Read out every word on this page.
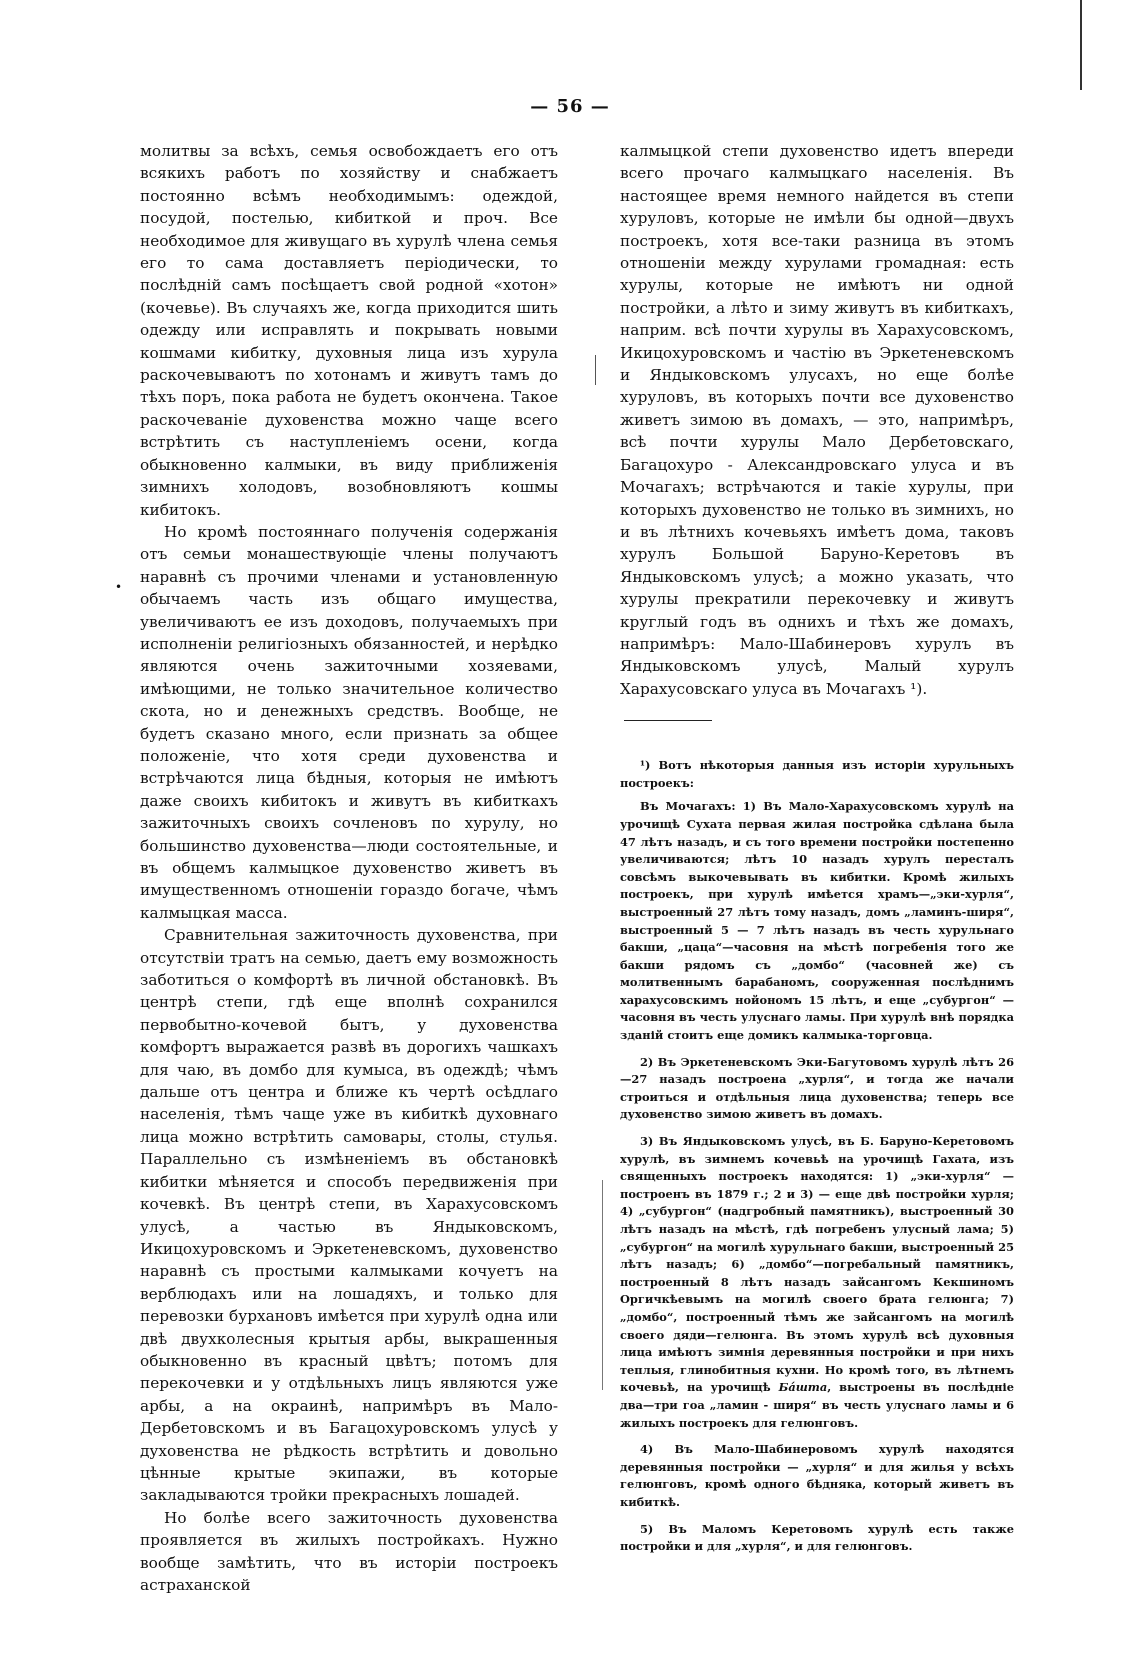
•
— 56 —

молитвы за всѣхъ, семья освобождаетъ его отъ всякихъ работъ по хозяйству и снабжаетъ постоянно всѣмъ необходимымъ: одеждой, посудой, постелью, кибиткой и проч. Все необходимое для живущаго въ хурулѣ члена семья его то сама доставляетъ періодически, то послѣдній самъ посѣщаетъ свой родной «хотон» (кочевье). Въ случаяхъ же, когда приходится шить одежду или исправлять и покрывать новыми кошмами кибитку, духовныя лица изъ хурула раскочевываютъ по хотонамъ и живутъ тамъ до тѣхъ поръ, пока работа не будетъ окончена. Такое раскочеваніе духовенства можно чаще всего встрѣтить съ наступленіемъ осени, когда обыкновенно калмыки, въ виду приближенія зимнихъ холодовъ, возобновляютъ кошмы кибитокъ.

Но кромѣ постояннаго полученія содержанія отъ семьи монашествующіе члены получаютъ наравнѣ съ прочими членами и установленную обычаемъ часть изъ общаго имущества, увеличиваютъ ее изъ доходовъ, получаемыхъ при исполненіи религіозныхъ обязанностей, и нерѣдко являются очень зажиточными хозяевами, имѣющими, не только значительное количество скота, но и денежныхъ средствъ. Вообще, не будетъ сказано много, если признать за общее положеніе, что хотя среди духовенства и встрѣчаются лица бѣдныя, которыя не имѣютъ даже своихъ кибитокъ и живутъ въ кибиткахъ зажиточныхъ своихъ сочленовъ по хурулу, но большинство духовенства—люди состоятельные, и въ общемъ калмыцкое духовенство живетъ въ имущественномъ отношеніи гораздо богаче, чѣмъ калмыцкая масса.

Сравнительная зажиточность духовенства, при отсутствіи тратъ на семью, даетъ ему возможность заботиться о комфортѣ въ личной обстановкѣ. Въ центрѣ степи, гдѣ еще вполнѣ сохранился первобытно-кочевой бытъ, у духовенства комфортъ выражается развѣ въ дорогихъ чашкахъ для чаю, въ домбо для кумыса, въ одеждѣ; чѣмъ дальше отъ центра и ближе къ чертѣ осѣдлаго населенія, тѣмъ чаще уже въ кибиткѣ духовнаго лица можно встрѣтить самовары, столы, стулья. Параллельно съ измѣненіемъ въ обстановкѣ кибитки мѣняется и способъ передвиженія при кочевкѣ. Въ центрѣ степи, въ Харахусовскомъ улусѣ, а частью въ Яндыковскомъ, Икицохуровскомъ и Эркетеневскомъ, духовенство наравнѣ съ простыми калмыками кочуетъ на верблюдахъ или на лошадяхъ, и только для перевозки бурхановъ имѣется при хурулѣ одна или двѣ двухколесныя крытыя арбы, выкрашенныя обыкновенно въ красный цвѣтъ; потомъ для перекочевки и у отдѣльныхъ лицъ являются уже арбы, а на окраинѣ, напримѣръ въ Мало-Дербетовскомъ и въ Багацохуровскомъ улусѣ у духовенства не рѣдкость встрѣтить и довольно цѣнные крытые экипажи, въ которые закладываются тройки прекрасныхъ лошадей.

Но болѣе всего зажиточность духовенства проявляется въ жилыхъ постройкахъ. Нужно вообще замѣтить, что въ исторіи построекъ астраханской

калмыцкой степи духовенство идетъ впереди всего прочаго калмыцкаго населенія. Въ настоящее время немного найдется въ степи хуруловъ, которые не имѣли бы одной—двухъ построекъ, хотя все-таки разница въ этомъ отношеніи между хурулами громадная: есть хурулы, которые не имѣютъ ни одной постройки, а лѣто и зиму живутъ въ кибиткахъ, наприм. всѣ почти хурулы въ Харахусовскомъ, Икицохуровскомъ и частію въ Эркетеневскомъ и Яндыковскомъ улусахъ, но еще болѣе хуруловъ, въ которыхъ почти все духовенство живетъ зимою въ домахъ, — это, напримѣръ, всѣ почти хурулы Мало Дербетовскаго, Багацохуро - Александровскаго улуса и въ Мочагахъ; встрѣчаются и такіе хурулы, при которыхъ духовенство не только въ зимнихъ, но и въ лѣтнихъ кочевьяхъ имѣетъ дома, таковъ хурулъ Большой Баруно-Керетовъ въ Яндыковскомъ улусѣ; а можно указать, что хурулы прекратили перекочевку и живутъ круглый годъ въ одниxъ и тѣхъ же домахъ, напримѣръ: Мало-Шабинеровъ хурулъ въ Яндыковскомъ улусѣ, Малый хурулъ Харахусовскаго улуса въ Мочагахъ ¹).

¹) Вотъ нѣкоторыя данныя изъ исторіи хурульныхъ построекъ:

Въ Мочагахъ: 1) Въ Мало-Харахусовскомъ хурулѣ на урочищѣ Сухата первая жилая постройка сдѣлана была 47 лѣтъ назадъ, и съ того времени постройки постепенно увеличиваются; лѣтъ 10 назадъ хурулъ пересталъ совсѣмъ выкочевывать въ кибитки. Кромѣ жилыхъ построекъ, при хурулѣ имѣется храмъ—„эки-хурля“, выстроенный 27 лѣтъ тому назадъ, домъ „ламинъ-ширя“, выстроенный 5 — 7 лѣтъ назадъ въ честь хурульнаго бакши, „цаца“—часовня на мѣстѣ погребенія того же бакши рядомъ съ „домбо“ (часовней же) съ молитвеннымъ барабаномъ, сооруженная послѣднимъ харахусовскимъ нойономъ 15 лѣтъ, и еще „субургон“ — часовня въ честь улуснаго ламы. При хурулѣ внѣ порядка зданій стоитъ еще домикъ калмыка-торговца.

2) Въ Эркетеневскомъ Эки-Багутовомъ хурулѣ лѣтъ 26—27 назадъ построена „хурля“, и тогда же начали строиться и отдѣльныя лица духовенства; теперь все духовенство зимою живетъ въ домахъ.

3) Въ Яндыковскомъ улусѣ, въ Б. Баруно-Керетовомъ хурулѣ, въ зимнемъ кочевьѣ на урочищѣ Гахата, изъ священныхъ построекъ находятся: 1) „эки-хурля“ — построенъ въ 1879 г.; 2 и 3) — еще двѣ постройки хурля; 4) „субургон“ (надгробный памятникъ), выстроенный 30 лѣтъ назадъ на мѣстѣ, гдѣ погребенъ улусный лама; 5) „субургон“ на могилѣ хурульнаго бакши, выстроенный 25 лѣтъ назадъ; 6) „домбо“—погребальный памятникъ, построенный 8 лѣтъ назадъ зайсангомъ Кекшиномъ Оргичкѣевымъ на могилѣ своего брата гелюнга; 7) „домбо“, построенный тѣмъ же зайсангомъ на могилѣ своего дяди—гелюнга. Въ этомъ хурулѣ всѣ духовныя лица имѣютъ зимнія деревянныя постройки и при нихъ теплыя, глинобитныя кухни. Но кромѣ того, въ лѣтнемъ кочевьѣ, на урочищѣ Бáшта, выстроены въ послѣдніе два—три гоа „ламин - шиpя“ въ честь улуснаго ламы и 6 жилыхъ построекъ для гелюнговъ.

4) Въ Мало-Шабинеровомъ хурулѣ находятся деревянныя постройки — „хурля“ и для жилья у всѣхъ гелюнговъ, кромѣ одного бѣдняка, который живетъ въ кибиткѣ.

5) Въ Маломъ Керетовомъ хурулѣ есть также постройки и для „хурля“, и для гелюнговъ.
